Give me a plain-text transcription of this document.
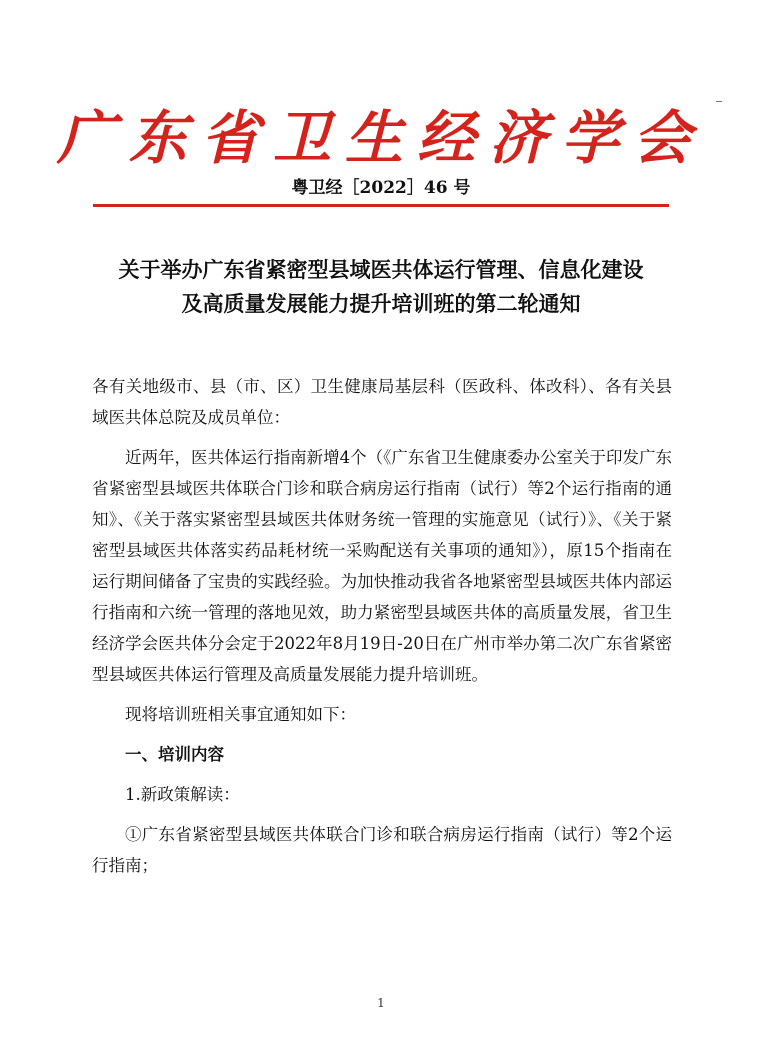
广东省卫生经济学会
粤卫经［2022］46 号
关于举办广东省紧密型县域医共体运行管理、信息化建设
及高质量发展能力提升培训班的第二轮通知

各有关地级市、县（市、区）卫生健康局基层科（医政科、体改科）、各有关县域医共体总院及成员单位：

近两年，医共体运行指南新增4个（《广东省卫生健康委办公室关于印发广东省紧密型县域医共体联合门诊和联合病房运行指南（试行）等2个运行指南的通知》、《关于落实紧密型县域医共体财务统一管理的实施意见（试行）》、《关于紧密型县域医共体落实药品耗材统一采购配送有关事项的通知》），原15个指南在运行期间储备了宝贵的实践经验。为加快推动我省各地紧密型县域医共体内部运行指南和六统一管理的落地见效，助力紧密型县域医共体的高质量发展，省卫生经济学会医共体分会定于2022年8月19日-20日在广州市举办第二次广东省紧密型县域医共体运行管理及高质量发展能力提升培训班。

现将培训班相关事宜通知如下：

一、培训内容

1.新政策解读：

①广东省紧密型县域医共体联合门诊和联合病房运行指南（试行）等2个运行指南；

1
